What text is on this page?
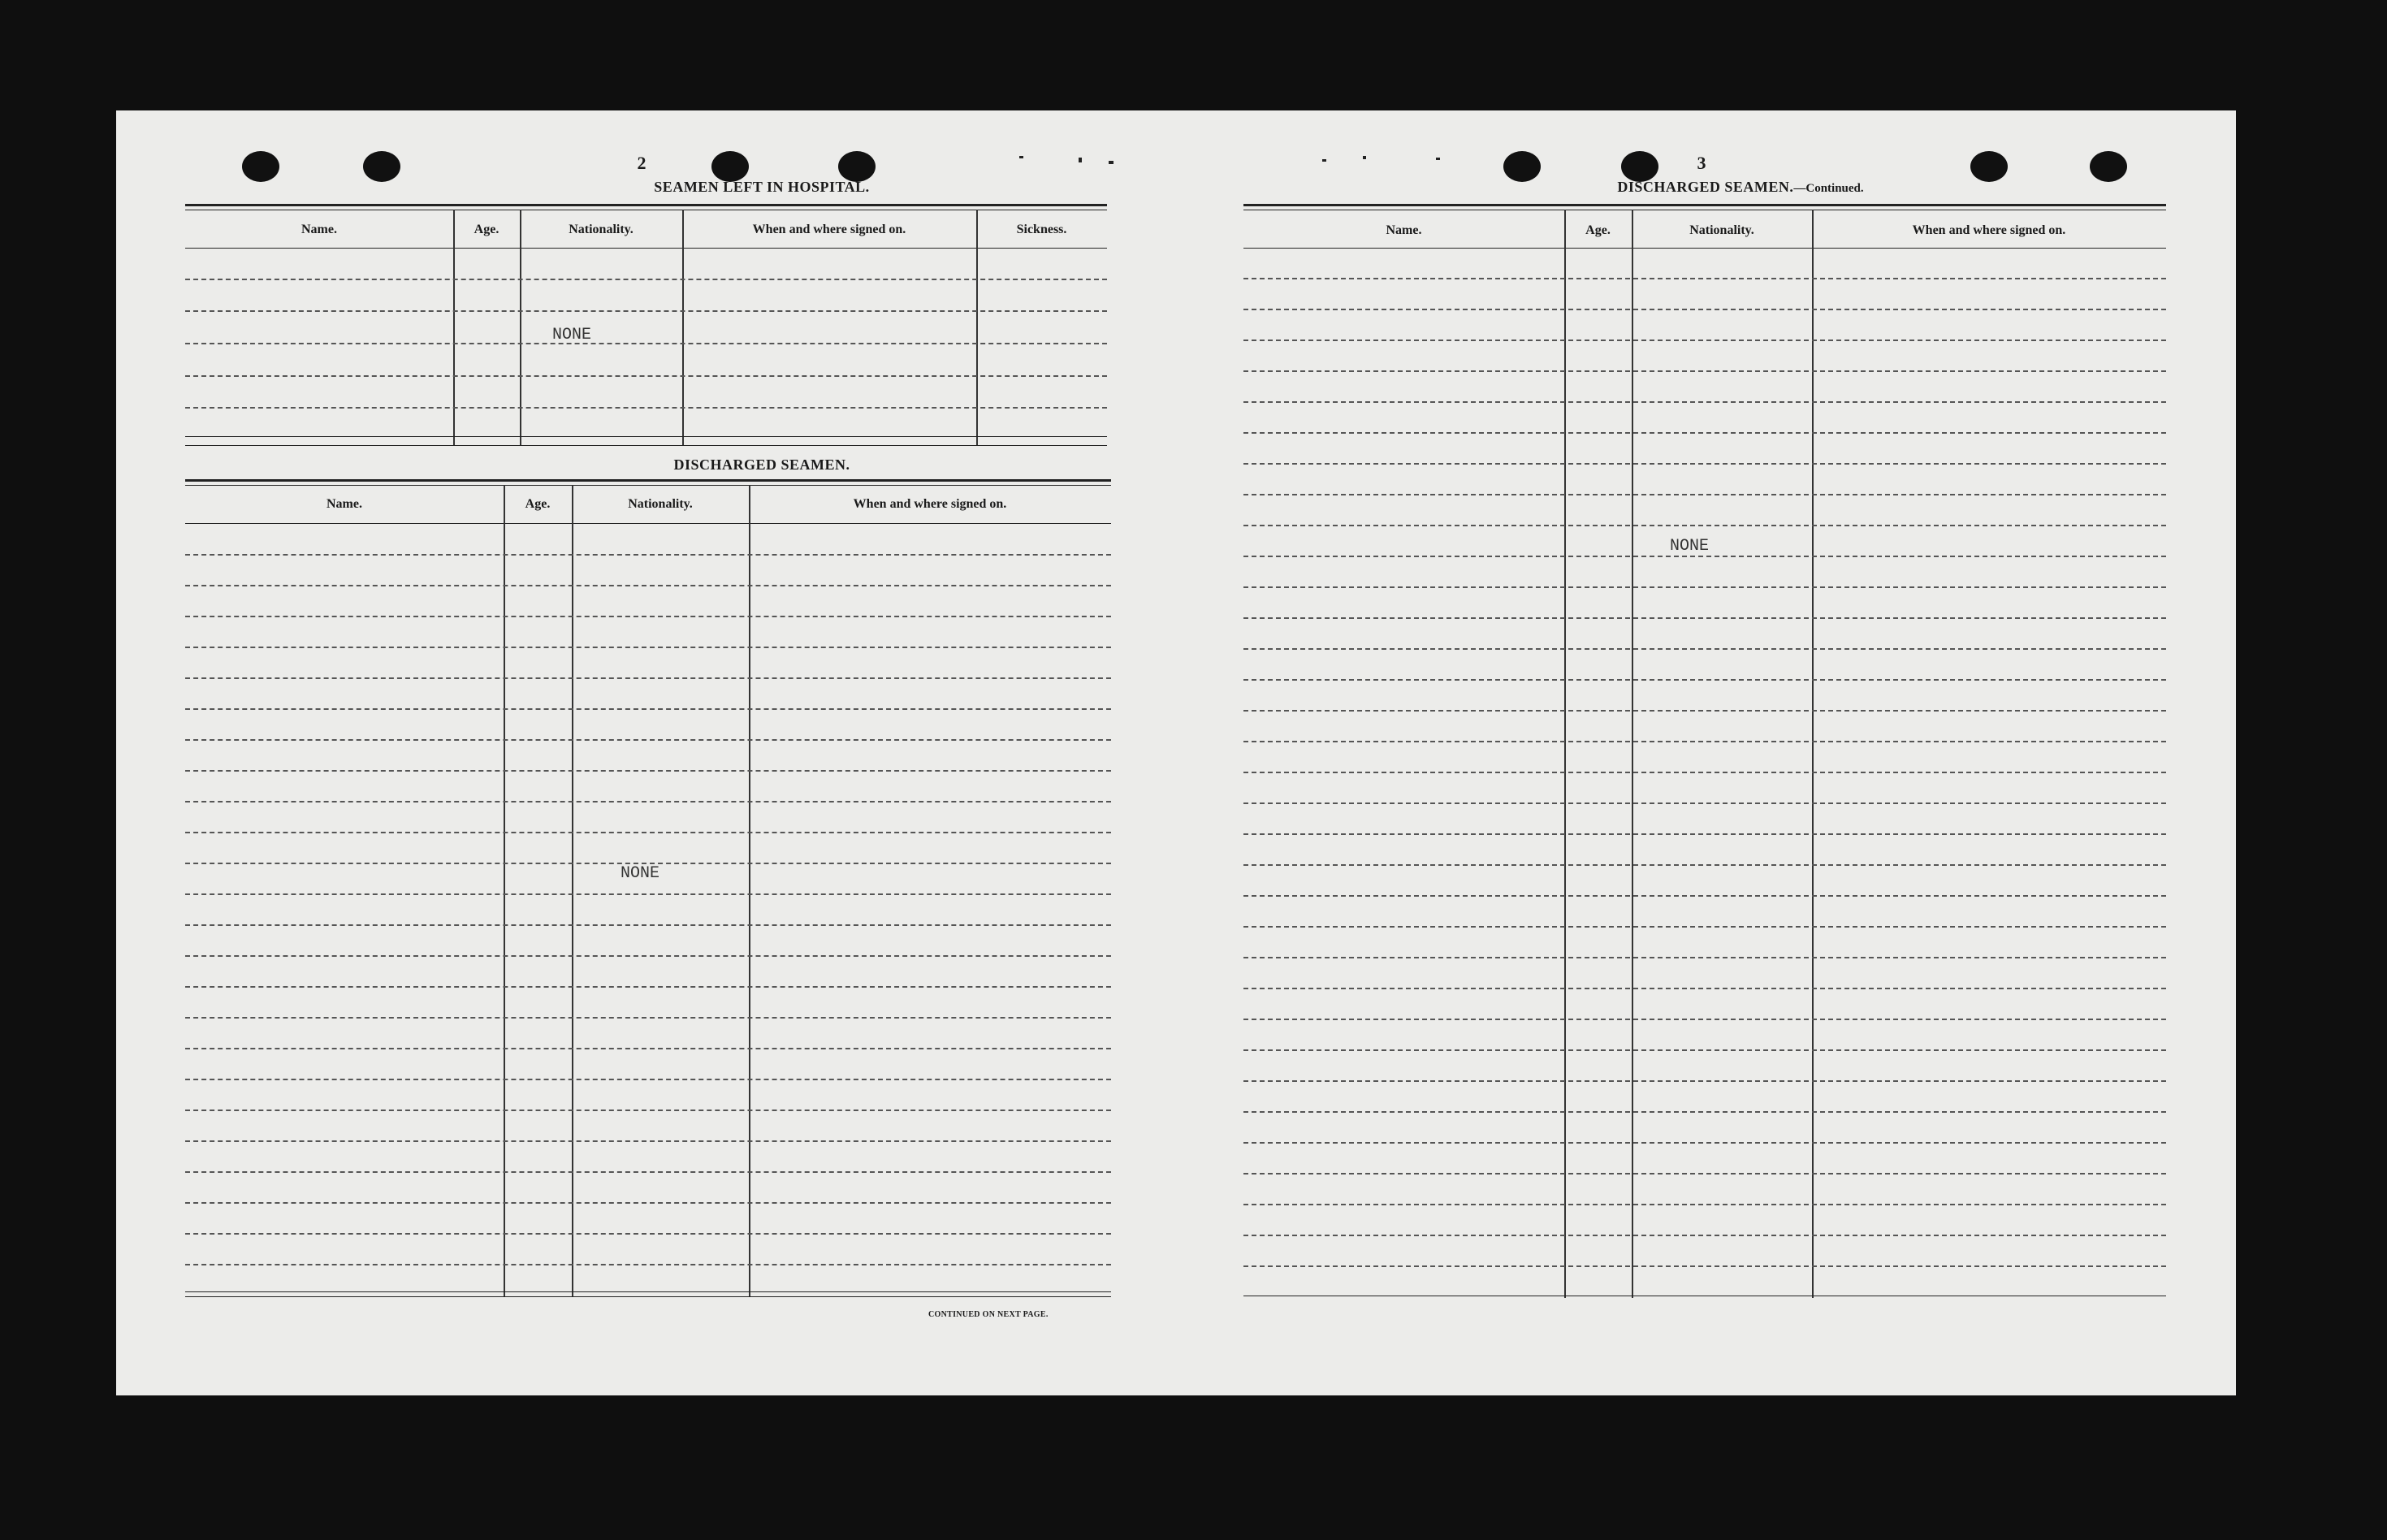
2
SEAMEN LEFT IN HOSPITAL.
Name.	Age.	Nationality.	When and where signed on.	Sickness.
NONE
DISCHARGED SEAMEN.
Name.	Age.	Nationality.	When and where signed on.
NONE
CONTINUED ON NEXT PAGE.
3
DISCHARGED SEAMEN.—Continued.
Name.	Age.	Nationality.	When and where signed on.
NONE
